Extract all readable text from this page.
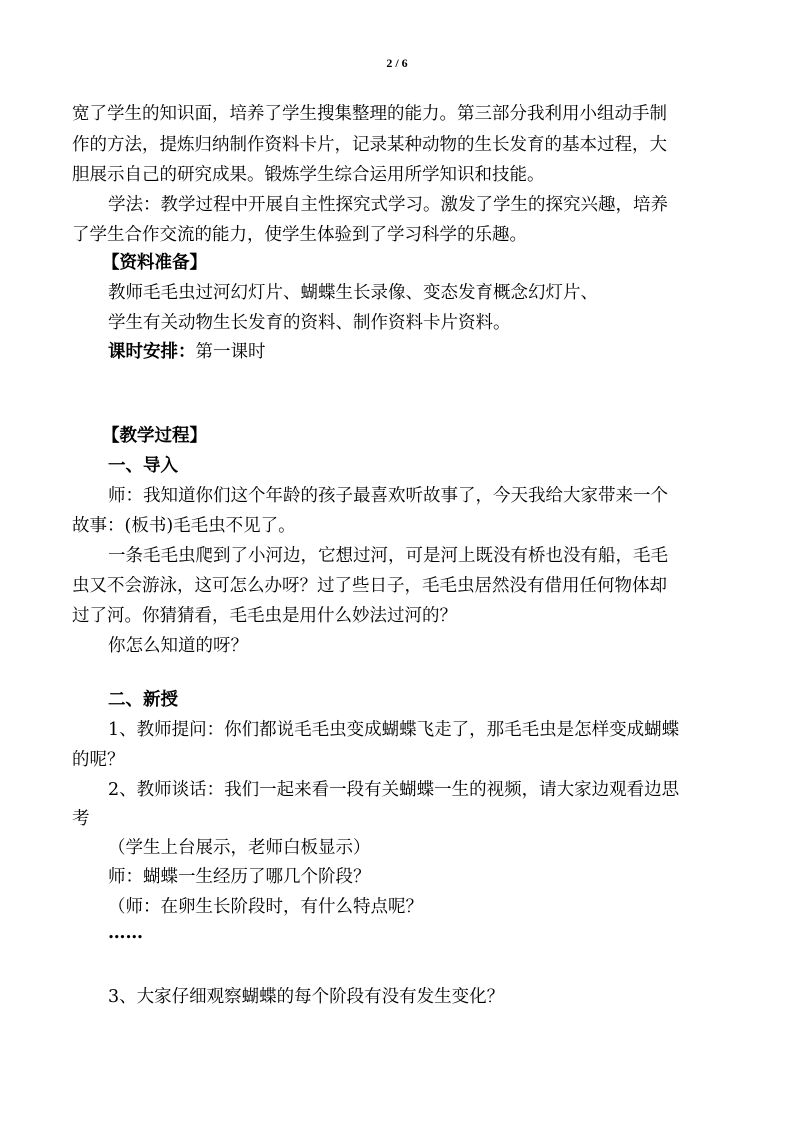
2 / 6
宽了学生的知识面，培养了学生搜集整理的能力。第三部分我利用小组动手制
作的方法，提炼归纳制作资料卡片，记录某种动物的生长发育的基本过程，大
胆展示自己的研究成果。锻炼学生综合运用所学知识和技能。
学法：教学过程中开展自主性探究式学习。激发了学生的探究兴趣，培养
了学生合作交流的能力，使学生体验到了学习科学的乐趣。
【资料准备】
教师毛毛虫过河幻灯片、蝴蝶生长录像、变态发育概念幻灯片、
学生有关动物生长发育的资料、制作资料卡片资料。
课时安排：第一课时
【教学过程】
一、导入
师：我知道你们这个年龄的孩子最喜欢听故事了，今天我给大家带来一个
故事：(板书)毛毛虫不见了。
一条毛毛虫爬到了小河边，它想过河，可是河上既没有桥也没有船，毛毛
虫又不会游泳，这可怎么办呀？过了些日子，毛毛虫居然没有借用任何物体却
过了河。你猜猜看，毛毛虫是用什么妙法过河的？
你怎么知道的呀？
二、新授
1、教师提问：你们都说毛毛虫变成蝴蝶飞走了，那毛毛虫是怎样变成蝴蝶
的呢？
2、教师谈话：我们一起来看一段有关蝴蝶一生的视频，请大家边观看边思
考
（学生上台展示，老师白板显示）
师：蝴蝶一生经历了哪几个阶段？
（师：在卵生长阶段时，有什么特点呢？
……
3、大家仔细观察蝴蝶的每个阶段有没有发生变化？
